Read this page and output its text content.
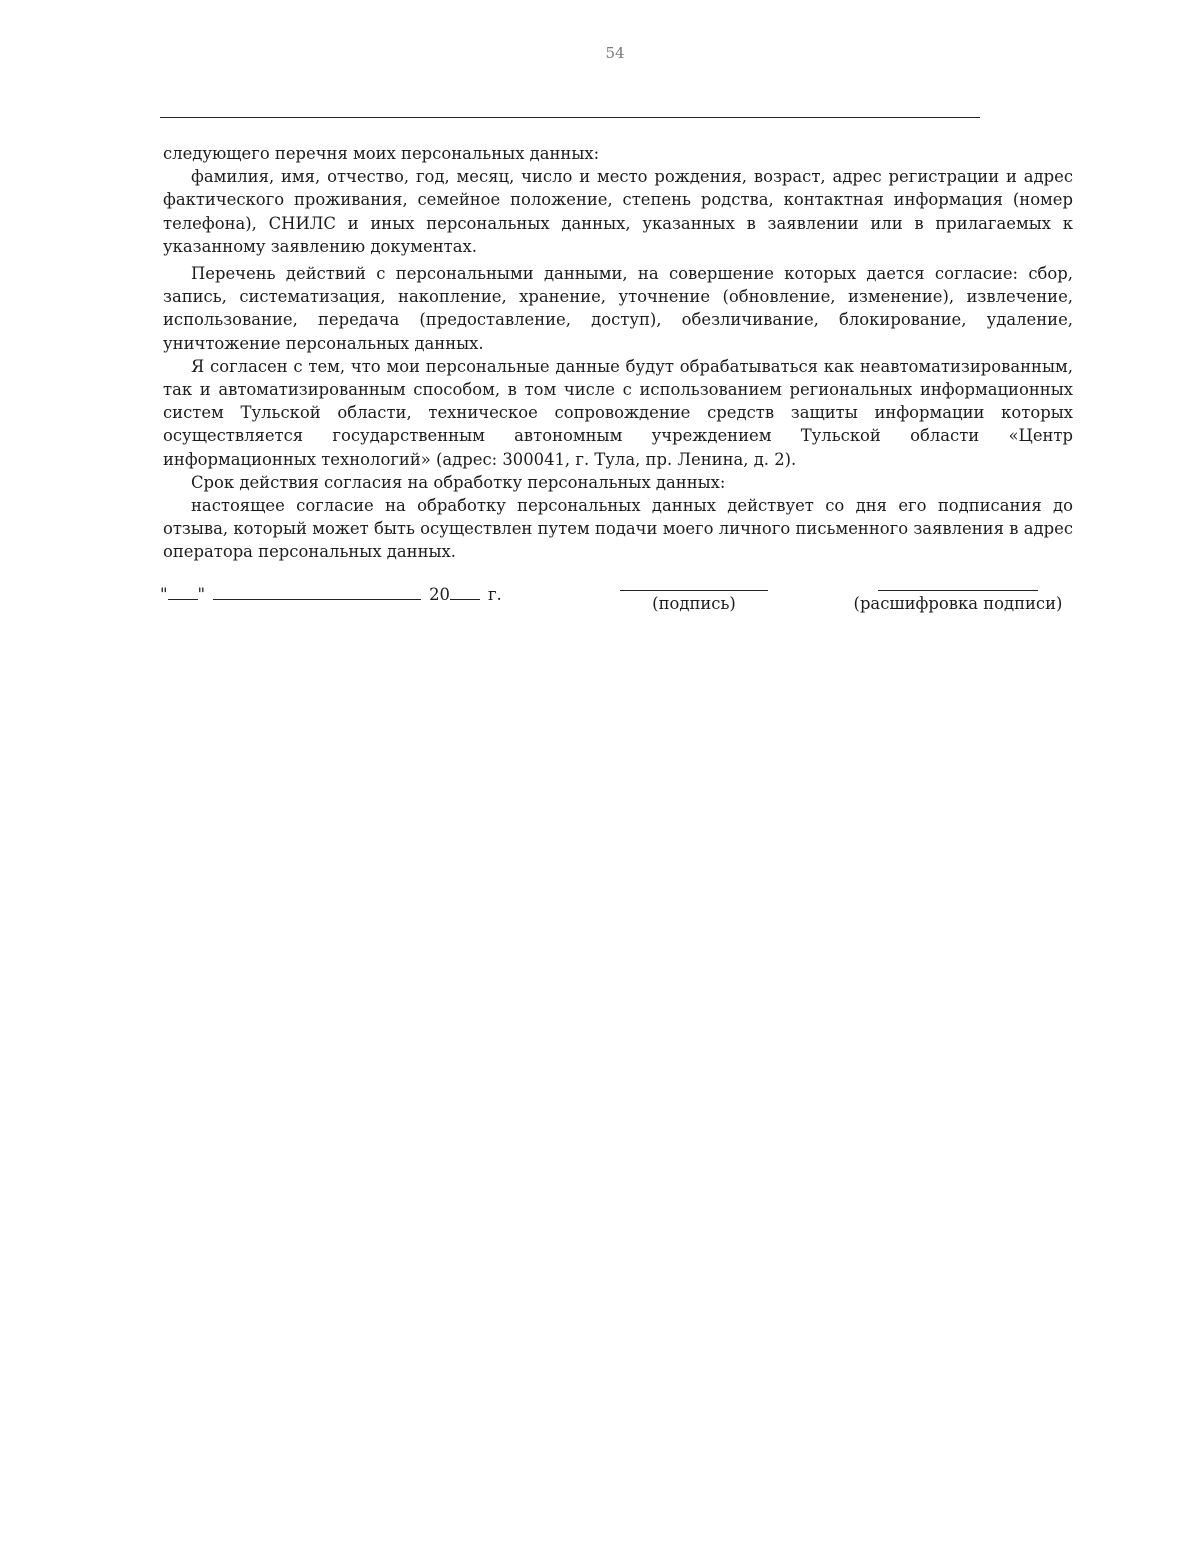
54

следующего перечня моих персональных данных:

фамилия, имя, отчество, год, месяц, число и место рождения, возраст, адрес регистрации и адрес фактического проживания, семейное положение, степень родства, контактная информация (номер телефона), СНИЛС и иных персональных данных, указанных в заявлении или в прилагаемых к указанному заявлению документах.

Перечень действий с персональными данными, на совершение которых дается согласие: сбор, запись, систематизация, накопление, хранение, уточнение (обновление, изменение), извлечение, использование, передача (предоставление, доступ), обезличивание, блокирование, удаление, уничтожение персональных данных.

Я согласен с тем, что мои персональные данные будут обрабатываться как неавтоматизированным, так и автоматизированным способом, в том числе с использованием региональных информационных систем Тульской области, техническое сопровождение средств защиты информации которых осуществляется государственным автономным учреждением Тульской области «Центр информационных технологий» (адрес: 300041, г. Тула, пр. Ленина, д. 2).

Срок действия согласия на обработку персональных данных:

настоящее согласие на обработку персональных данных действует со дня его подписания до отзыва, который может быть осуществлен путем подачи моего личного письменного заявления в адрес оператора персональных данных.

" "	20 г.	(подпись)	(расшифровка подписи)
